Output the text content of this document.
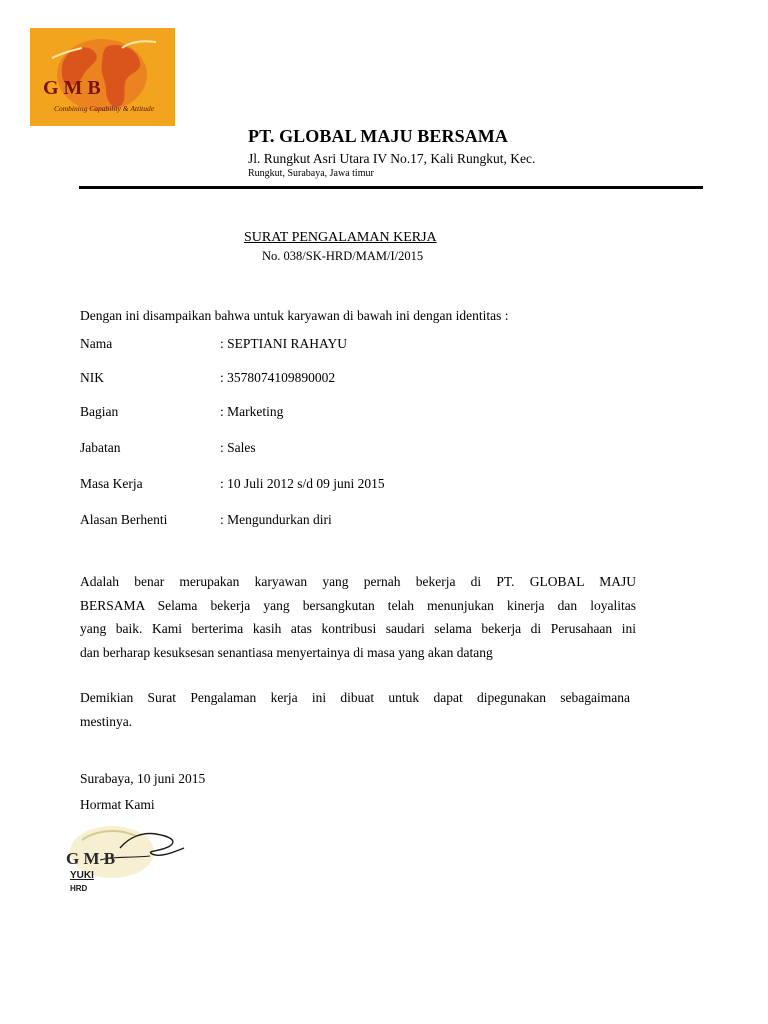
G M B
Combining Capability & Attitude
PT. GLOBAL MAJU BERSAMA
Jl. Rungkut Asri Utara IV No.17, Kali Rungkut, Kec.
Rungkut, Surabaya, Jawa timur
SURAT PENGALAMAN KERJA
No. 038/SK-HRD/MAM/I/2015
Dengan ini disampaikan bahwa untuk karyawan di bawah ini dengan identitas :
Nama	: SEPTIANI RAHAYU
NIK	: 3578074109890002
Bagian	: Marketing
Jabatan	: Sales
Masa Kerja	: 10 Juli 2012 s/d 09 juni 2015
Alasan Berhenti	: Mengundurkan diri
Adalah benar merupakan karyawan yang pernah bekerja di PT. GLOBAL MAJU
BERSAMA Selama bekerja yang bersangkutan telah menunjukan kinerja dan loyalitas
yang baik. Kami berterima kasih atas kontribusi saudari selama bekerja di Perusahaan ini
dan berharap kesuksesan senantiasa menyertainya di masa yang akan datang
Demikian Surat Pengalaman kerja ini dibuat untuk dapat dipegunakan sebagaimana
mestinya.
Surabaya, 10 juni 2015
Hormat Kami
G M B
YUKI
HRD
